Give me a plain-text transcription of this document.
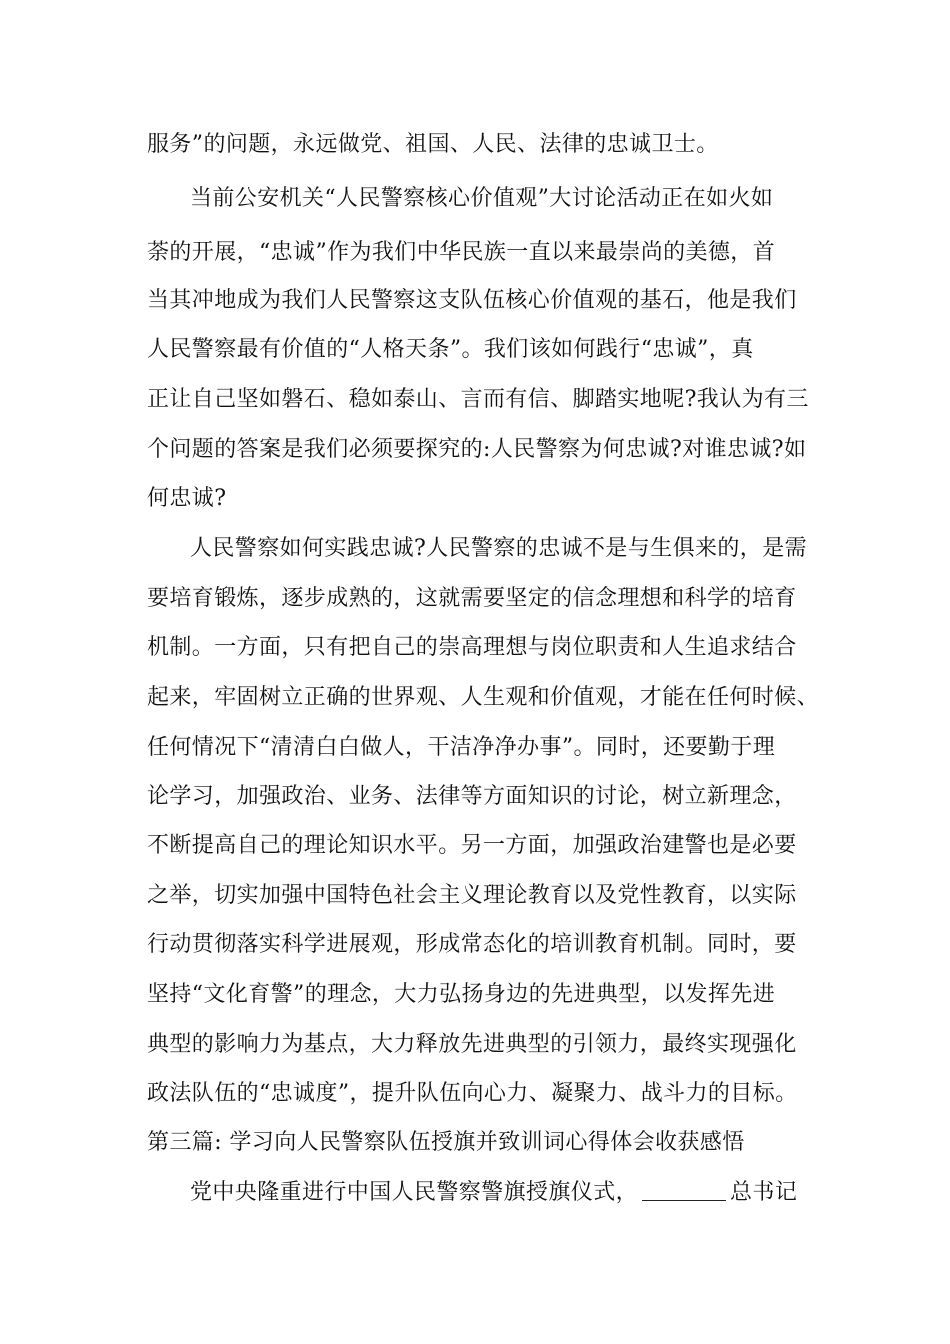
服务”的问题，永远做党、祖国、人民、法律的忠诚卫士。
当前公安机关“人民警察核心价值观”大讨论活动正在如火如
荼的开展，“忠诚”作为我们中华民族一直以来最崇尚的美德，首
当其冲地成为我们人民警察这支队伍核心价值观的基石，他是我们
人民警察最有价值的“人格天条”。我们该如何践行“忠诚”，真
正让自己坚如磐石、稳如泰山、言而有信、脚踏实地呢?我认为有三
个问题的答案是我们必须要探究的:人民警察为何忠诚?对谁忠诚?如
何忠诚?
人民警察如何实践忠诚?人民警察的忠诚不是与生俱来的，是需
要培育锻炼，逐步成熟的，这就需要坚定的信念理想和科学的培育
机制。一方面，只有把自己的崇高理想与岗位职责和人生追求结合
起来，牢固树立正确的世界观、人生观和价值观，才能在任何时候、
任何情况下“清清白白做人，干洁净净办事”。同时，还要勤于理
论学习，加强政治、业务、法律等方面知识的讨论，树立新理念，
不断提高自己的理论知识水平。另一方面，加强政治建警也是必要
之举，切实加强中国特色社会主义理论教育以及党性教育，以实际
行动贯彻落实科学进展观，形成常态化的培训教育机制。同时，要
坚持“文化育警”的理念，大力弘扬身边的先进典型，以发挥先进
典型的影响力为基点，大力释放先进典型的引领力，最终实现强化
政法队伍的“忠诚度”，提升队伍向心力、凝聚力、战斗力的目标。
第三篇: 学习向人民警察队伍授旗并致训词心得体会收获感悟
党中央隆重进行中国人民警察警旗授旗仪式，	总书记
